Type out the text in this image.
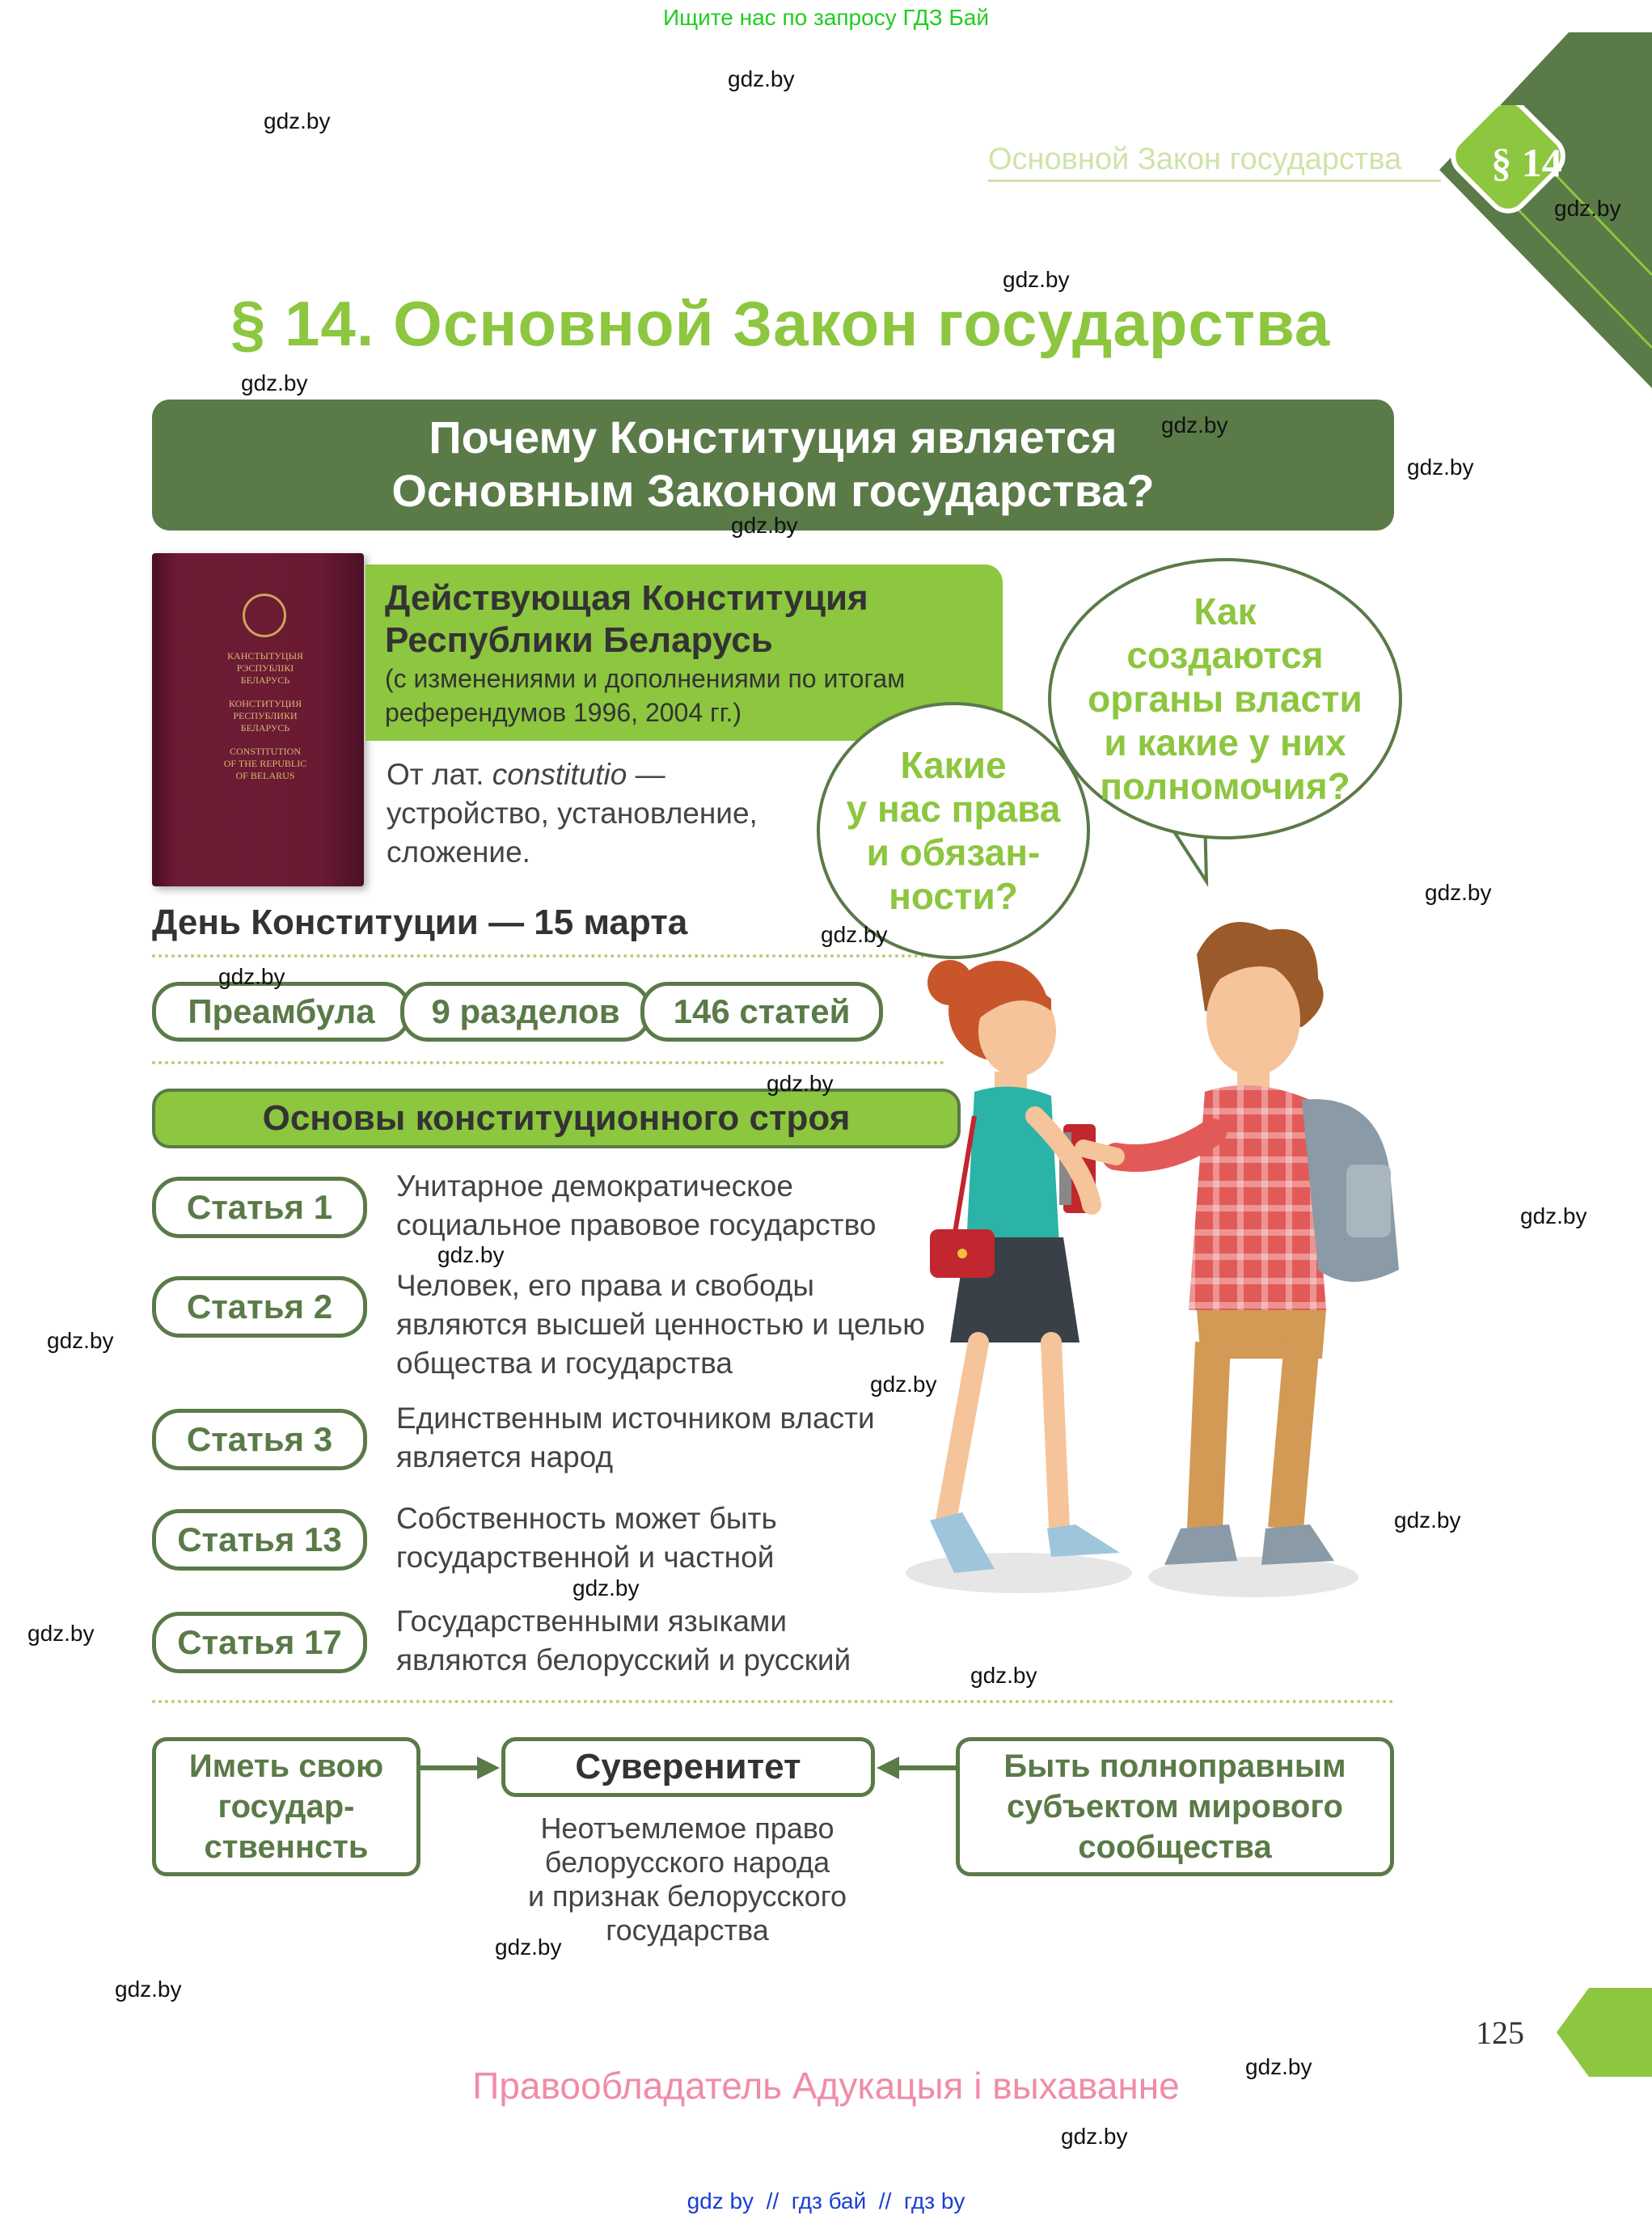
Ищите нас по запросу ГДЗ Бай
Основной Закон государства	§ 14
§ 14. Основной Закон государства
Почему Конституция является
Основным Законом государства?
КАНСТЫТУЦЫЯ
РЭСПУБЛІКІ
БЕЛАРУСЬ
КОНСТИТУЦИЯ
РЕСПУБЛИКИ
БЕЛАРУСЬ
CONSTITUTION
OF THE REPUBLIC
OF BELARUS
Действующая Конституция
Республики Беларусь
(с изменениями и дополнениями по итогам
референдумов 1996, 2004 гг.)
От лат. constitutio —
устройство, установление,
сложение.
День Конституции — 15 марта
Преамбула	9 разделов	146 статей
Основы конституционного строя
Статья 1
Унитарное демократическое
социальное правовое государство
Статья 2
Человек, его права и свободы
являются высшей ценностью и целью
общества и государства
Статья 3
Единственным источником власти
является народ
Статья 13
Собственность может быть
государственной и частной
Статья 17
Государственными языками
являются белорусский и русский
Как
создаются
органы власти
и какие у них
полномочия?
Какие
у нас права
и обязан-
ности?
Иметь свою
государ-
ственнсть
Суверенитет	Быть полноправным
субъектом мирового
сообщества
Неотъемлемое право
белорусского народа
и признак белорусского
государства
125
Правообладатель Адукацыя і выхаванне
gdz by  //  гдз бай  //  гдз by
gdz.by
gdz.by
gdz.by
gdz.by
gdz.by
gdz.by
gdz.by
gdz.by
gdz.by
gdz.by
gdz.by
gdz.by
gdz.by
gdz.by
gdz.by
gdz.by
gdz.by
gdz.by
gdz.by
gdz.by
gdz.by
gdz.by
gdz.by
gdz.by
